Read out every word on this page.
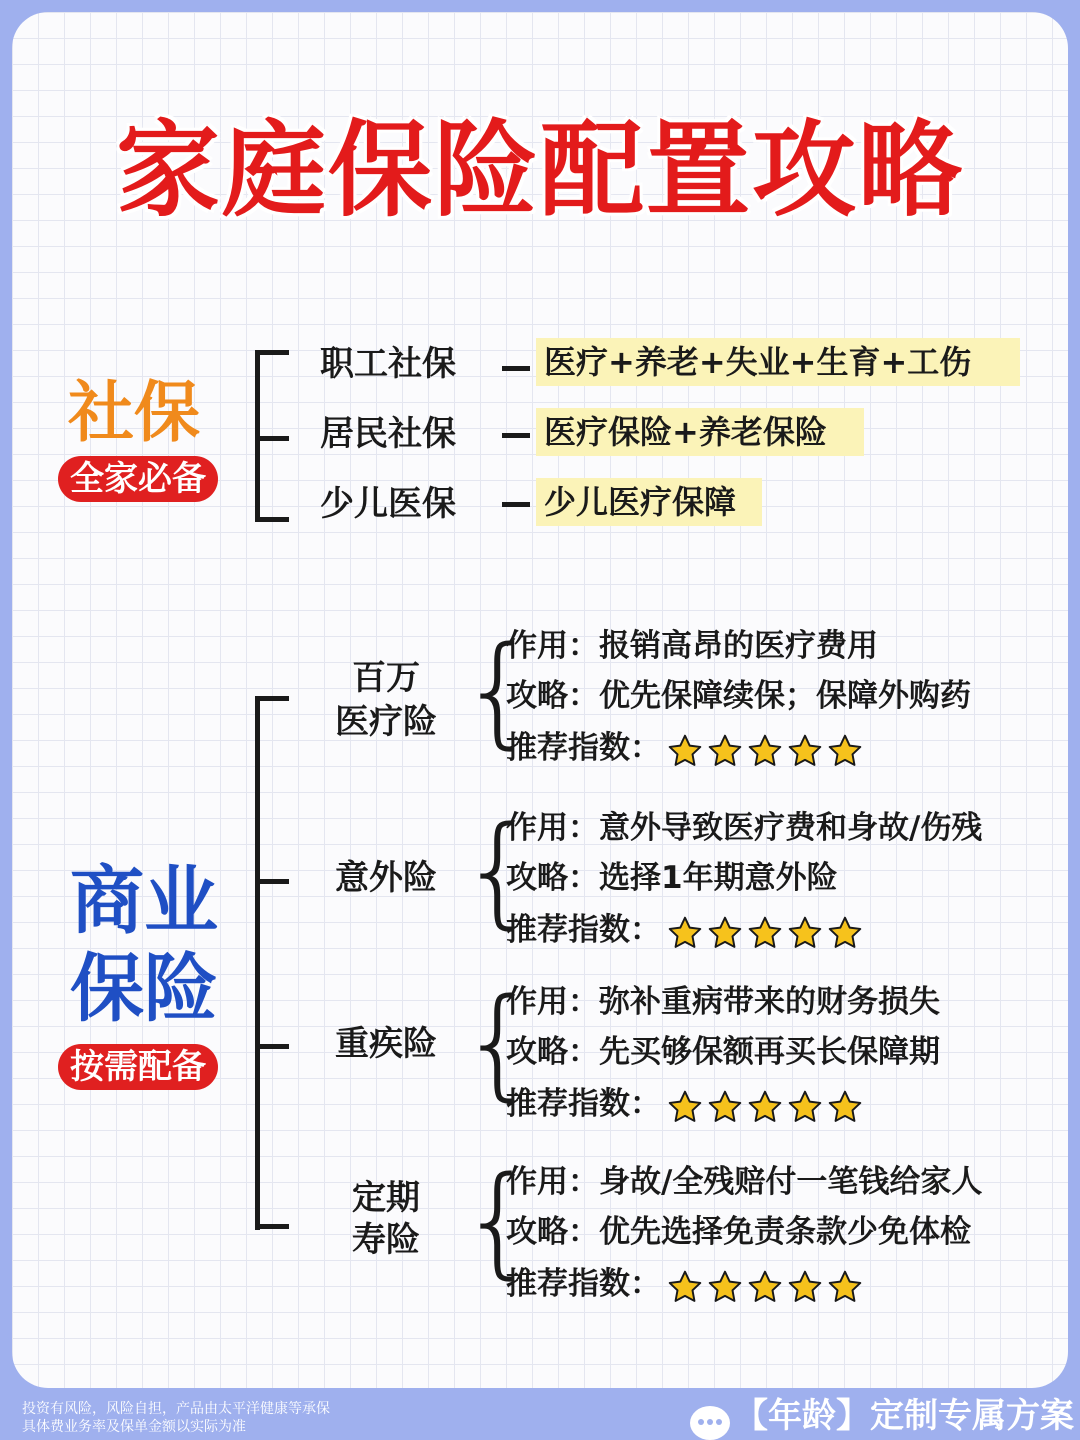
家庭保险配置攻略
社保
全家必备
职工社保	医疗+养老+失业+生育+工伤
居民社保	医疗保险+养老保险
少儿医保	少儿医疗保障
商业
保险
按需配备
百万
医疗险 {
作用：报销高昂的医疗费用
攻略：优先保障续保；保障外购药
推荐指数：
意外险 {
作用：意外导致医疗费和身故/伤残
攻略：选择1年期意外险
推荐指数：
重疾险 {
作用：弥补重病带来的财务损失
攻略：先买够保额再买长保障期
推荐指数：
定期
寿险 {
作用：身故/全残赔付一笔钱给家人
攻略：优先选择免责条款少免体检
推荐指数：
投资有风险，风险自担，产品由太平洋健康等承保
具体费业务率及保单金额以实际为准	【年龄】定制专属方案
